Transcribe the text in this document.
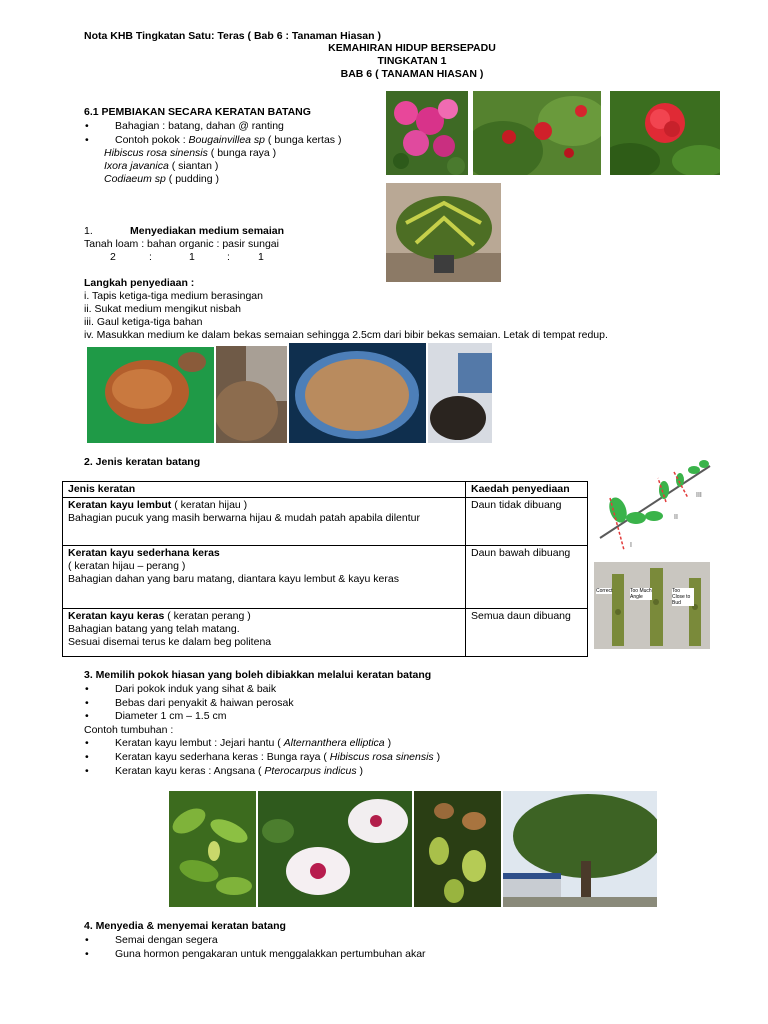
Nota KHB Tingkatan Satu: Teras ( Bab 6 : Tanaman Hiasan )
KEMAHIRAN HIDUP BERSEPADU
TINGKATAN 1
BAB 6 ( TANAMAN HIASAN )
6.1 PEMBIAKAN SECARA KERATAN BATANG
•	Bahagian : batang, dahan @ ranting
•	Contoh pokok : Bougainvillea sp ( bunga kertas )
Hibiscus rosa sinensis ( bunga raya )
Ixora javanica ( siantan )
Codiaeum sp ( pudding )
1.	Menyediakan medium semaian
Tanah loam : bahan organic : pasir sungai
2	:	1	:	1
Langkah penyediaan :
i. Tapis ketiga-tiga medium berasingan
ii. Sukat medium mengikut nisbah
iii. Gaul ketiga-tiga bahan
iv. Masukkan medium ke dalam bekas semaian sehingga 2.5cm dari bibir bekas semaian. Letak di tempat redup.
2. Jenis keratan batang
Jenis keratan	Kaedah penyediaan
Keratan kayu lembut ( keratan hijau )
Bahagian pucuk yang masih berwarna hijau & mudah patah apabila dilentur	Daun tidak dibuang
Keratan kayu sederhana keras
( keratan hijau – perang )
Bahagian dahan yang baru matang, diantara kayu lembut & kayu keras	Daun bawah dibuang
Keratan kayu keras ( keratan perang )
Bahagian batang yang telah matang.
Sesuai disemai terus ke dalam beg politena	Semua daun dibuang
I
II
III
Correct	Too Much Angle
Too Close to Bud
3. Memilih pokok hiasan yang boleh dibiakkan melalui keratan batang
•	Dari pokok induk yang sihat & baik
•	Bebas dari penyakit & haiwan perosak
•	Diameter 1 cm – 1.5 cm
Contoh tumbuhan :
•	Keratan kayu lembut : Jejari hantu ( Alternanthera elliptica )
•	Keratan kayu sederhana keras : Bunga raya ( Hibiscus rosa sinensis )
•	Keratan kayu keras : Angsana ( Pterocarpus indicus )
4. Menyedia & menyemai keratan batang
•	Semai dengan segera
•	Guna hormon pengakaran untuk menggalakkan pertumbuhan akar
